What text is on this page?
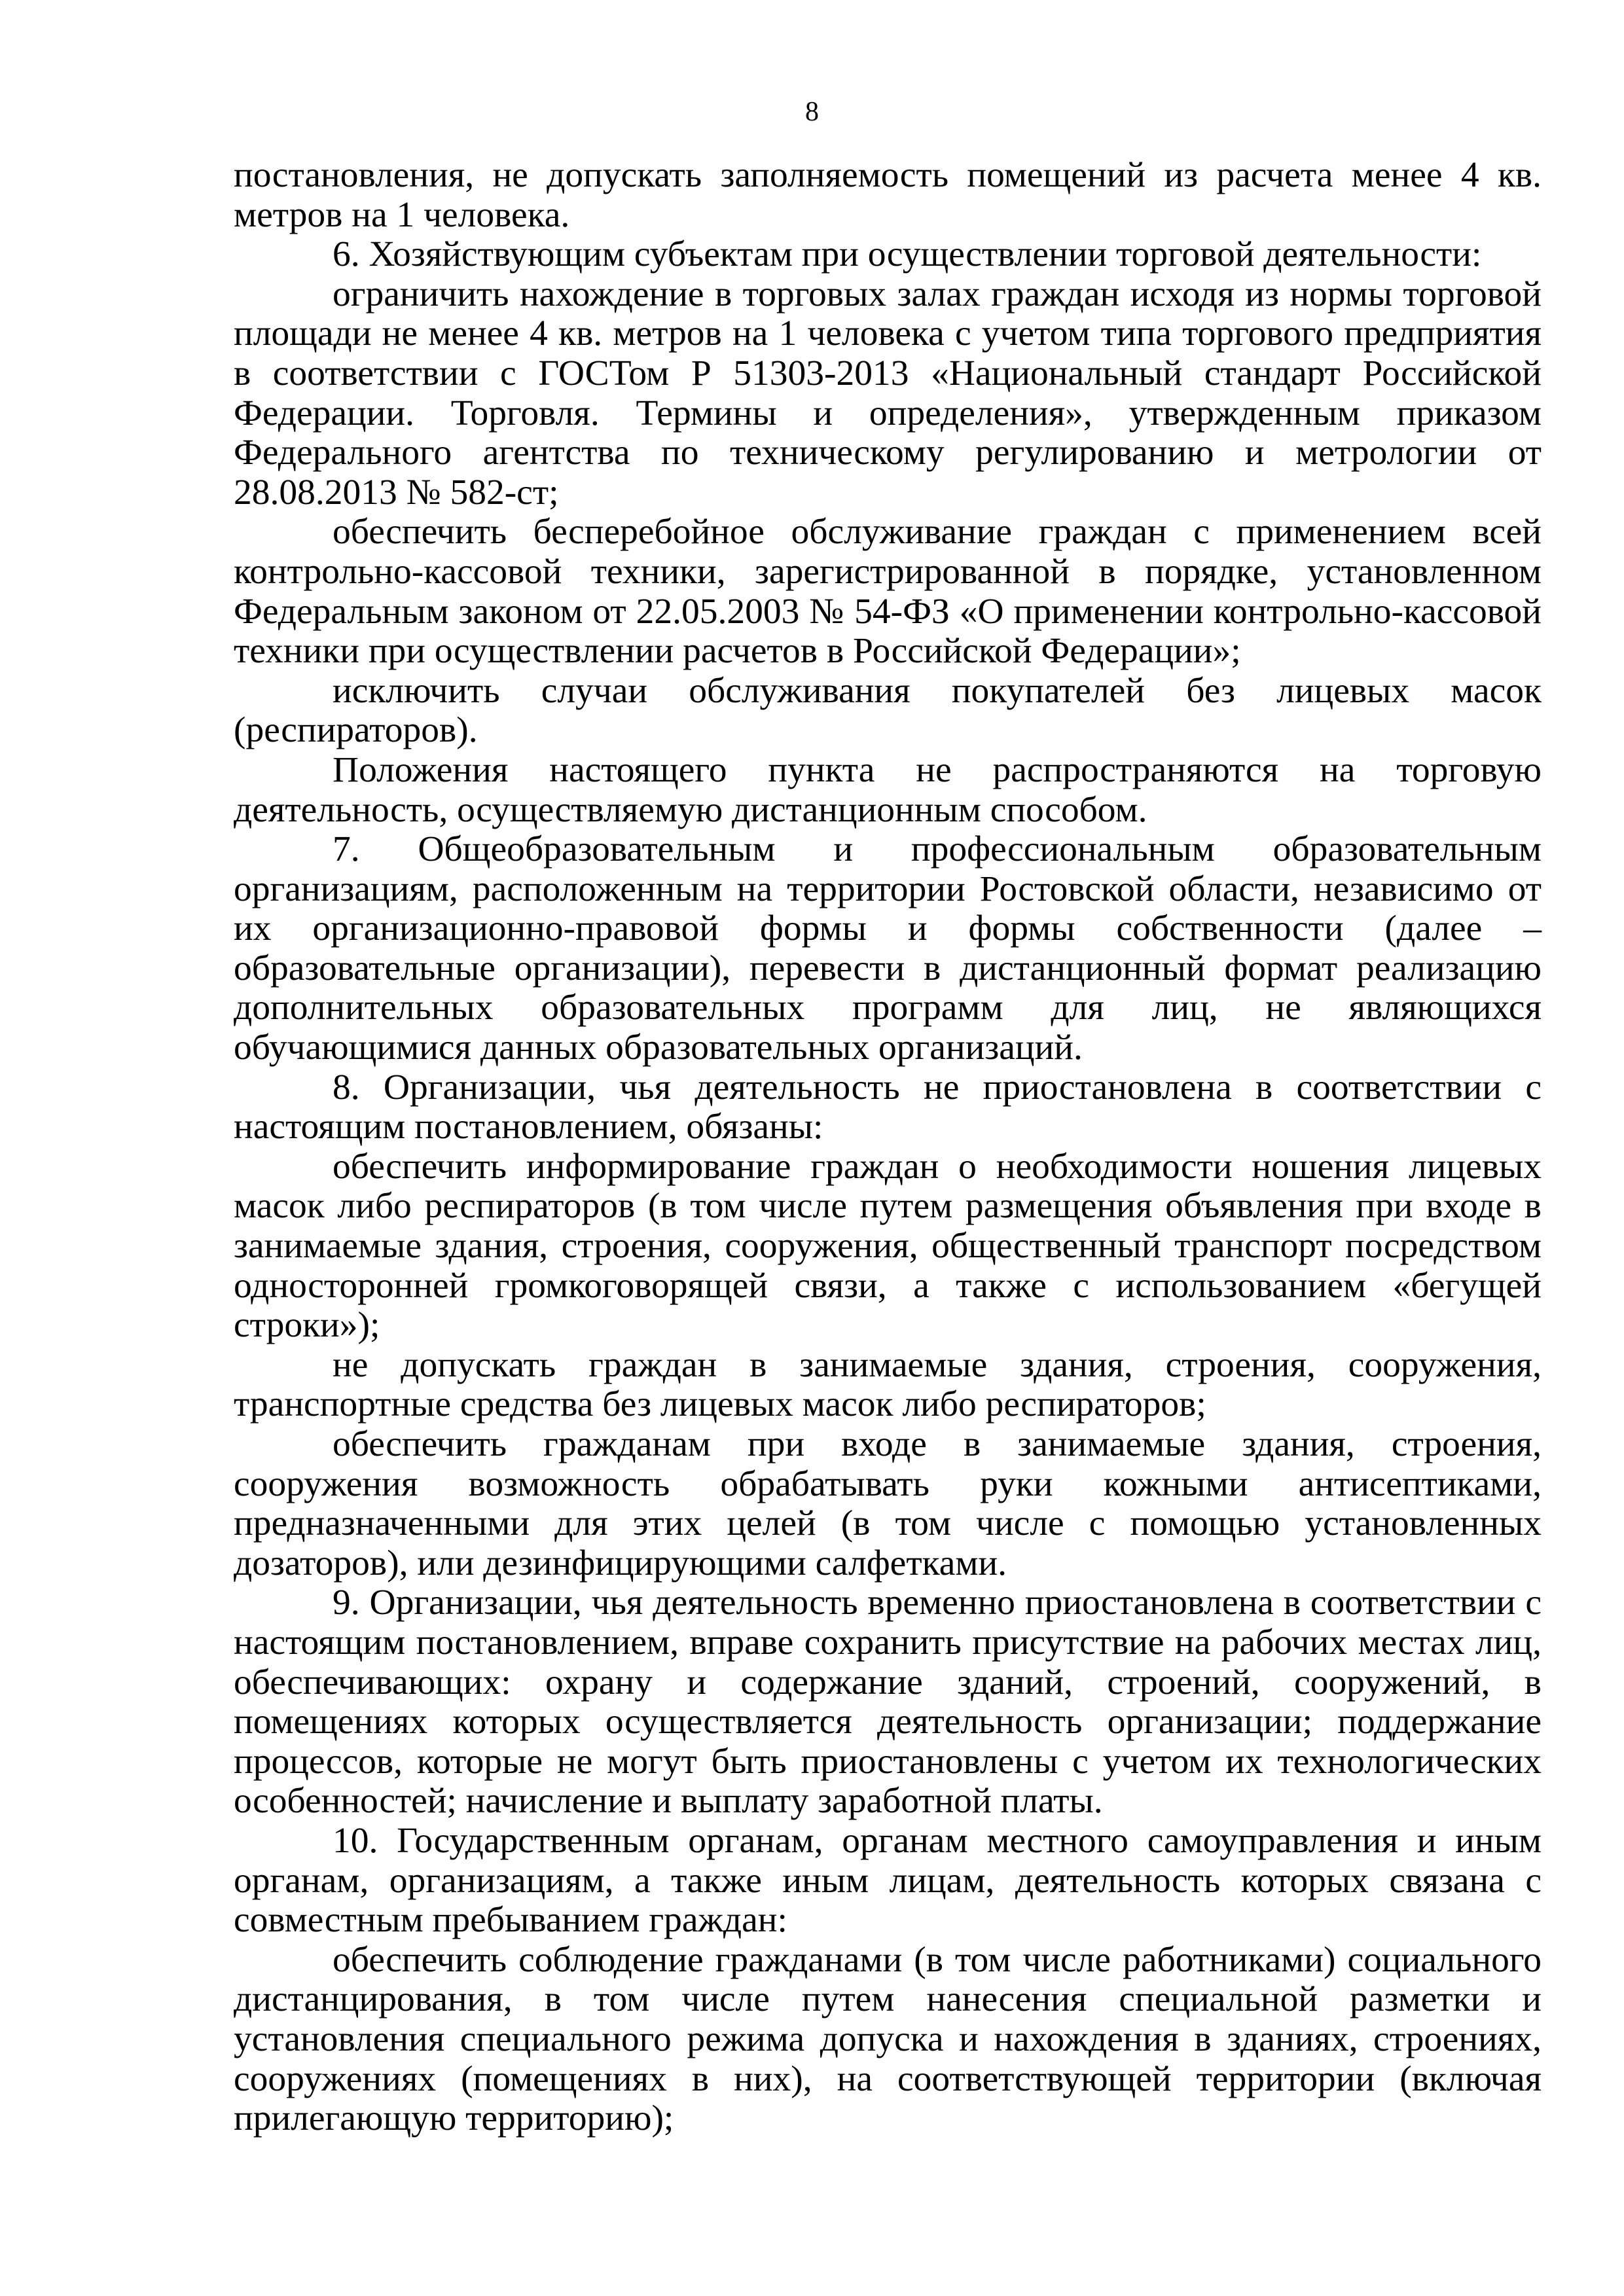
8

постановления, не допускать заполняемость помещений из расчета менее 4 кв. метров на 1 человека.

6. Хозяйствующим субъектам при осуществлении торговой деятельности:

ограничить нахождение в торговых залах граждан исходя из нормы торговой площади не менее 4 кв. метров на 1 человека с учетом типа торгового предприятия в соответствии с ГОСТом Р 51303-2013 «Национальный стандарт Российской Федерации. Торговля. Термины и определения», утвержденным приказом Федерального агентства по техническому регулированию и метрологии от 28.08.2013 № 582-ст;

обеспечить бесперебойное обслуживание граждан с применением всей контрольно-кассовой техники, зарегистрированной в порядке, установленном Федеральным законом от 22.05.2003 № 54-ФЗ «О применении контрольно-кассовой техники при осуществлении расчетов в Российской Федерации»;

исключить случаи обслуживания покупателей без лицевых масок (респираторов).

Положения настоящего пункта не распространяются на торговую деятельность, осуществляемую дистанционным способом.

7. Общеобразовательным и профессиональным образовательным организациям, расположенным на территории Ростовской области, независимо от их организационно-правовой формы и формы собственности (далее – образовательные организации), перевести в дистанционный формат реализацию дополнительных образовательных программ для лиц, не являющихся обучающимися данных образовательных организаций.

8. Организации, чья деятельность не приостановлена в соответствии с настоящим постановлением, обязаны:

обеспечить информирование граждан о необходимости ношения лицевых масок либо респираторов (в том числе путем размещения объявления при входе в занимаемые здания, строения, сооружения, общественный транспорт посредством односторонней громкоговорящей связи, а также с использованием «бегущей строки»);

не допускать граждан в занимаемые здания, строения, сооружения, транспортные средства без лицевых масок либо респираторов;

обеспечить гражданам при входе в занимаемые здания, строения, сооружения возможность обрабатывать руки кожными антисептиками, предназначенными для этих целей (в том числе с помощью установленных дозаторов), или дезинфицирующими салфетками.

9. Организации, чья деятельность временно приостановлена в соответствии с настоящим постановлением, вправе сохранить присутствие на рабочих местах лиц, обеспечивающих: охрану и содержание зданий, строений, сооружений, в помещениях которых осуществляется деятельность организации; поддержание процессов, которые не могут быть приостановлены с учетом их технологических особенностей; начисление и выплату заработной платы.

10. Государственным органам, органам местного самоуправления и иным органам, организациям, а также иным лицам, деятельность которых связана с совместным пребыванием граждан:

обеспечить соблюдение гражданами (в том числе работниками) социального дистанцирования, в том числе путем нанесения специальной разметки и установления специального режима допуска и нахождения в зданиях, строениях, сооружениях (помещениях в них), на соответствующей территории (включая прилегающую территорию);
